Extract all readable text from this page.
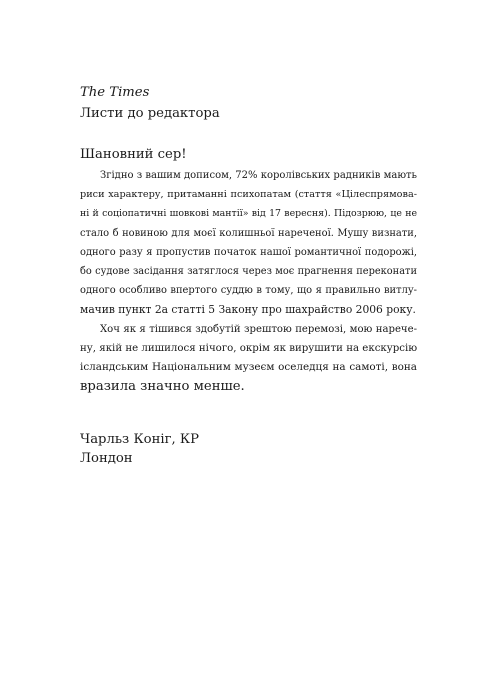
The Times
Листи до редактора
Шановний сер!

Згідно з вашим дописом, 72% королівських радників мають
риси характеру, притаманні психопатам (стаття «Цілеспрямова-
ні й соціопатичні шовкові мантії» від 17 вересня). Підозрюю, це не
стало б новиною для моєї колишньої нареченої. Мушу визнати,
одного разу я пропустив початок нашої романтичної подорожі,
бо судове засідання затяглося через моє прагнення переконати
одного особливо впертого суддю в тому, що я правильно витлу-
мачив пункт 2a статті 5 Закону про шахрайство 2006 року.

Хоч як я тішився здобутій зрештою перемозі, мою нарече-
ну, якій не лишилося нічого, окрім як вирушити на екскурсію
ісландським Національним музеєм оселедця на самоті, вона
вразила значно менше.

Чарльз Коніг, КР
Лондон
